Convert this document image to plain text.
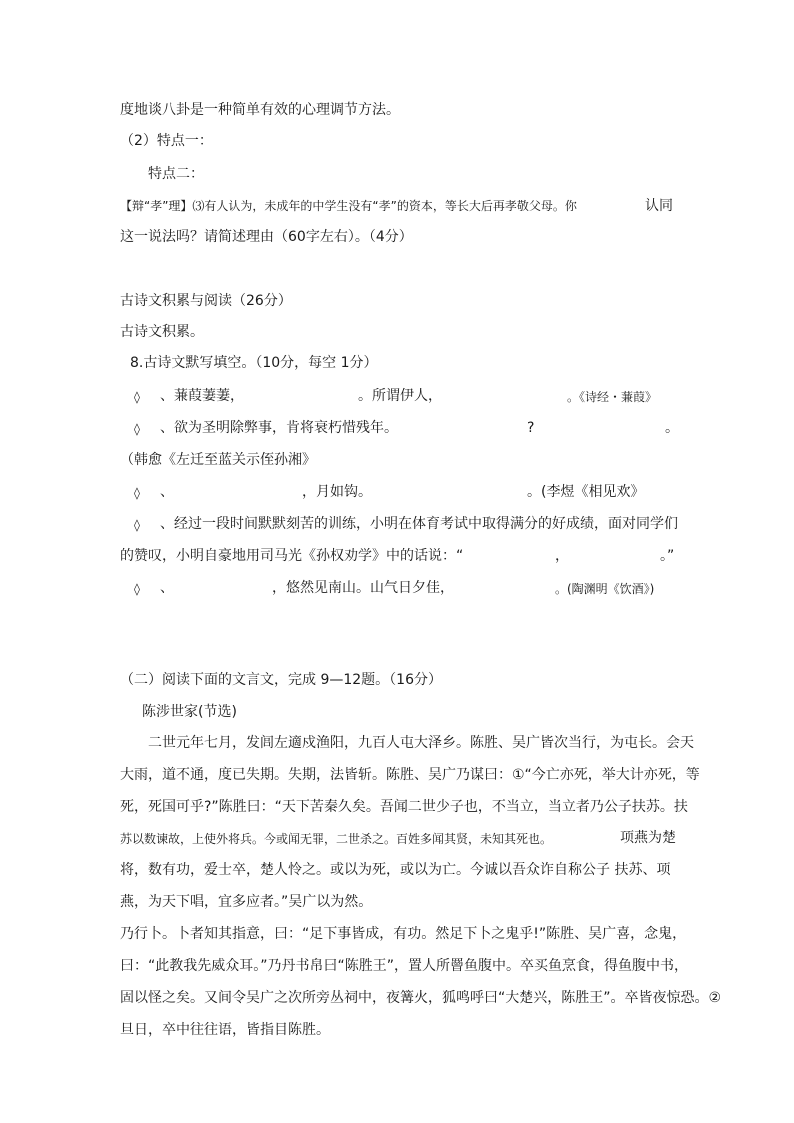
度地谈八卦是一种简单有效的心理调节方法。
（2）特点一：
特点二：
【辩“孝”理】⑶有人认为，未成年的中学生没有“孝”的资本，等长大后再孝敬父母。你	认同
这一说法吗？请简述理由（60字左右）。（4分）
古诗文积累与阅读（26分）
古诗文积累。
8.古诗文默写填空。（10分，每空 1分）
◊ 、蒹葭萋萋，	。所谓伊人，	。《诗经・蒹葭》
◊ 、欲为圣明除弊事，肯将衰朽惜残年。	?	。
（韩愈《左迁至蓝关示侄孙湘》
◊ 、	，月如钩。	。(李煜《相见欢》
◊ 、经过一段时间默默刻苦的训练，小明在体育考试中取得满分的好成绩，面对同学们
的赞叹，小明自豪地用司马光《孙权劝学》中的话说：“	，	。”
◊ 、	，悠然见南山。山气日夕佳，	。(陶渊明《饮酒》)
（二）阅读下面的文言文，完成 9—12题。（16分）
陈涉世家(节选)
二世元年七月，发闾左適戍渔阳，九百人屯大泽乡。陈胜、吴广皆次当行，为屯长。会天
大雨，道不通，度已失期。失期，法皆斩。陈胜、吴广乃谋曰：①“今亡亦死，举大计亦死，等
死，死国可乎?”陈胜曰：“天下苦秦久矣。吾闻二世少子也，不当立，当立者乃公子扶苏。扶
苏以数谏故，上使外将兵。今或闻无罪，二世杀之。百姓多闻其贤，未知其死也。	项燕为楚
将，数有功，爱士卒，楚人怜之。或以为死，或以为亡。今诚以吾众诈自称公子 扶苏、项
燕，为天下唱，宜多应者。”吴广以为然。
乃行卜。卜者知其指意，曰：“足下事皆成，有功。然足下卜之鬼乎!”陈胜、吴广喜，念鬼，
曰：“此教我先威众耳。”乃丹书帛曰“陈胜王”，置人所罾鱼腹中。卒买鱼烹食，得鱼腹中书，
固以怪之矣。又间令吴广之次所旁丛祠中，夜篝火，狐鸣呼曰“大楚兴，陈胜王”。卒皆夜惊恐。②
旦日，卒中往往语，皆指目陈胜。
